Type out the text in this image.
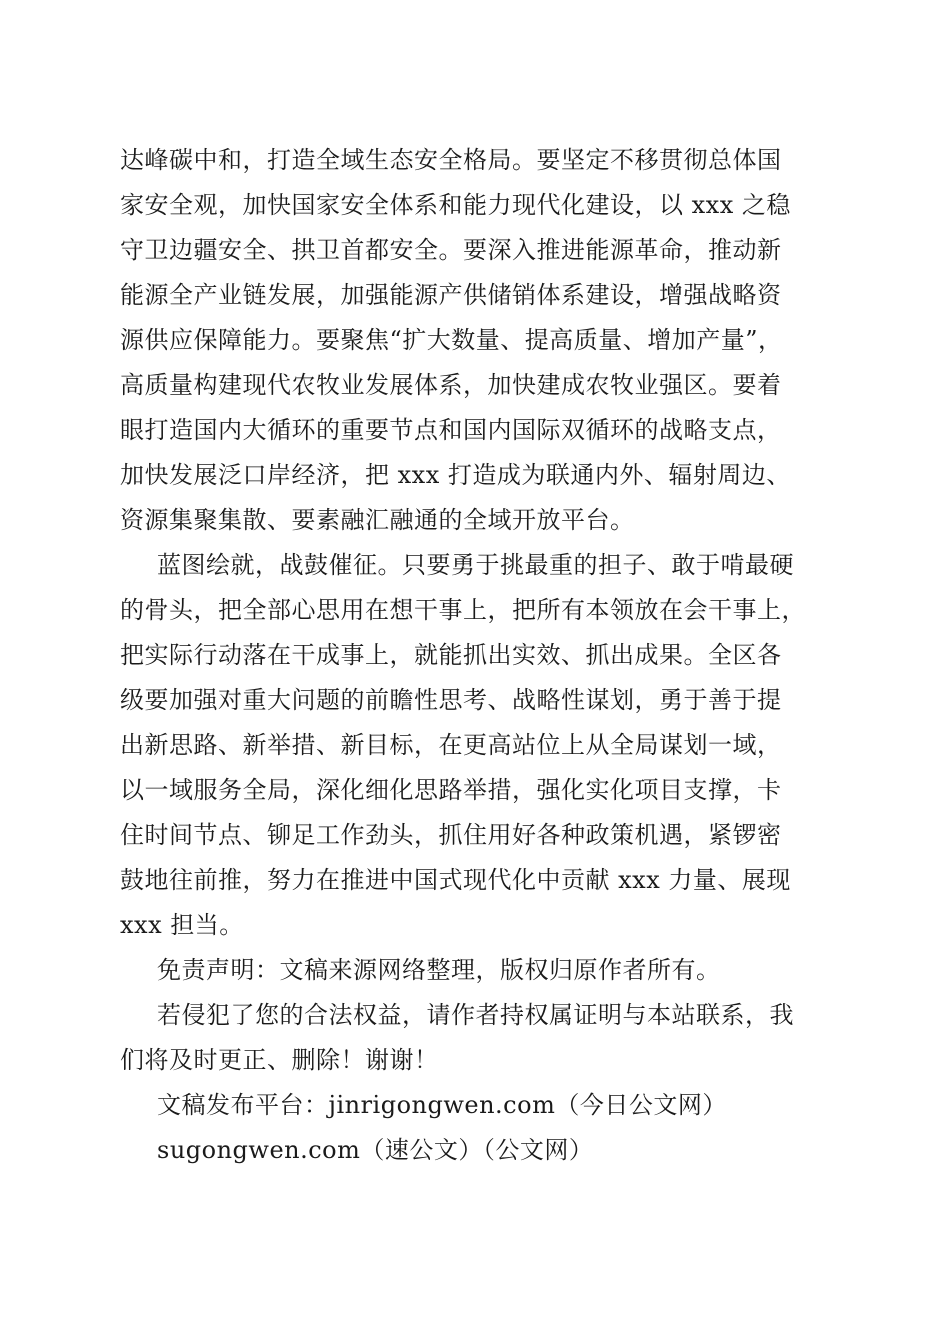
达峰碳中和，打造全域生态安全格局。要坚定不移贯彻总体国
家安全观，加快国家安全体系和能力现代化建设，以 xxx 之稳
守卫边疆安全、拱卫首都安全。要深入推进能源革命，推动新
能源全产业链发展，加强能源产供储销体系建设，增强战略资
源供应保障能力。要聚焦“扩大数量、提高质量、增加产量”，
高质量构建现代农牧业发展体系，加快建成农牧业强区。要着
眼打造国内大循环的重要节点和国内国际双循环的战略支点，
加快发展泛口岸经济，把 xxx 打造成为联通内外、辐射周边、
资源集聚集散、要素融汇融通的全域开放平台。
蓝图绘就，战鼓催征。只要勇于挑最重的担子、敢于啃最硬
的骨头，把全部心思用在想干事上，把所有本领放在会干事上，
把实际行动落在干成事上，就能抓出实效、抓出成果。全区各
级要加强对重大问题的前瞻性思考、战略性谋划，勇于善于提
出新思路、新举措、新目标，在更高站位上从全局谋划一域，
以一域服务全局，深化细化思路举措，强化实化项目支撑，卡
住时间节点、铆足工作劲头，抓住用好各种政策机遇，紧锣密
鼓地往前推，努力在推进中国式现代化中贡献 xxx 力量、展现
xxx 担当。
免责声明：文稿来源网络整理，版权归原作者所有。
若侵犯了您的合法权益，请作者持权属证明与本站联系，我
们将及时更正、删除！谢谢！
文稿发布平台：jinrigongwen.com（今日公文网）
sugongwen.com（速公文）（公文网）
